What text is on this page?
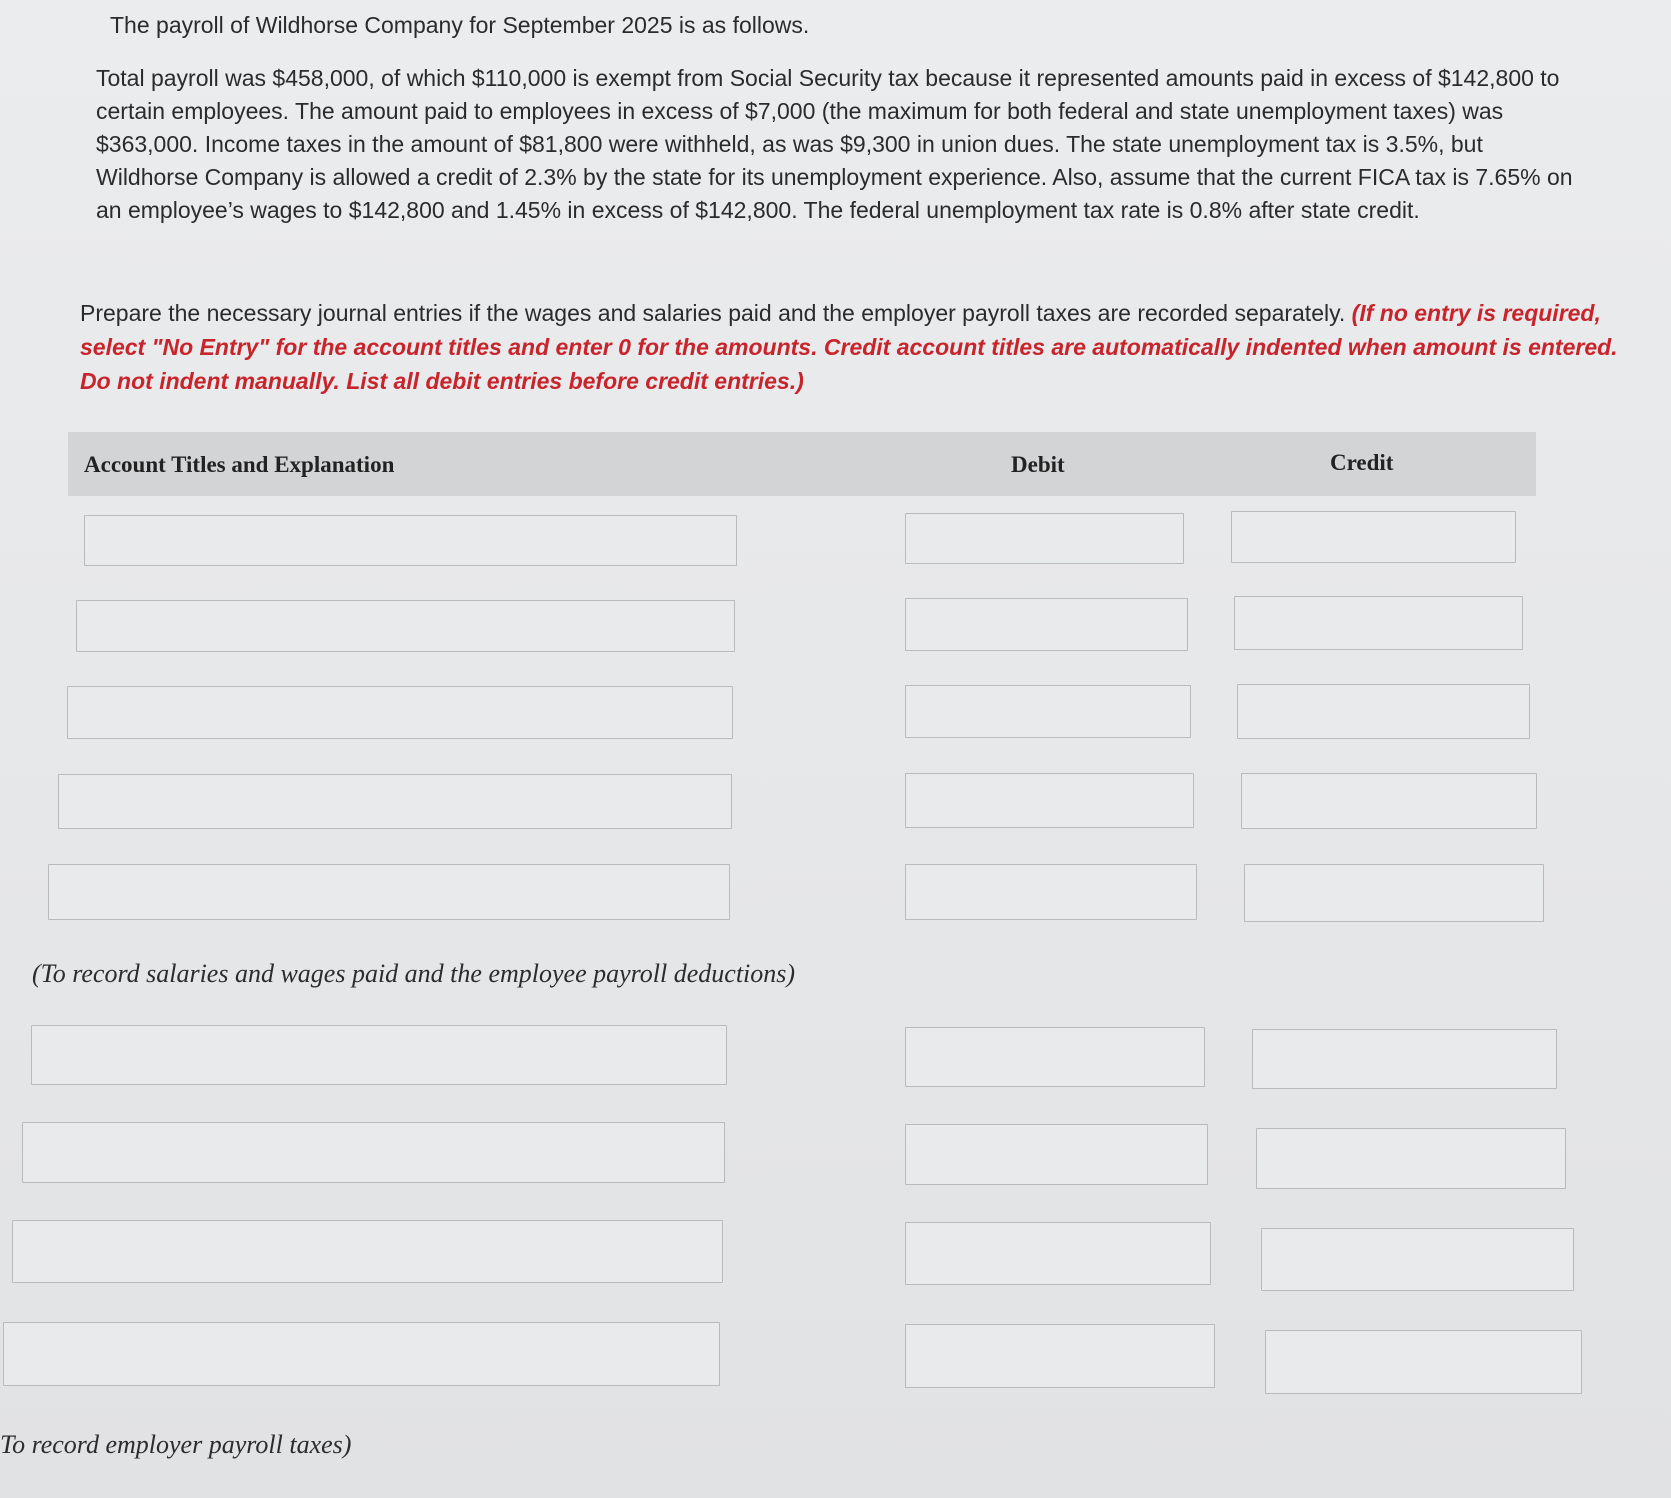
The payroll of Wildhorse Company for September 2025 is as follows.

Total payroll was $458,000, of which $110,000 is exempt from Social Security tax because it represented amounts paid in excess of $142,800 to certain employees. The amount paid to employees in excess of $7,000 (the maximum for both federal and state unemployment taxes) was $363,000. Income taxes in the amount of $81,800 were withheld, as was $9,300 in union dues. The state unemployment tax is 3.5%, but Wildhorse Company is allowed a credit of 2.3% by the state for its unemployment experience. Also, assume that the current FICA tax is 7.65% on an employee’s wages to $142,800 and 1.45% in excess of $142,800. The federal unemployment tax rate is 0.8% after state credit.

Prepare the necessary journal entries if the wages and salaries paid and the employer payroll taxes are recorded separately. (If no entry is required, select "No Entry" for the account titles and enter 0 for the amounts. Credit account titles are automatically indented when amount is entered. Do not indent manually. List all debit entries before credit entries.)

Account Titles and Explanation	Debit	Credit

(To record salaries and wages paid and the employee payroll deductions)

To record employer payroll taxes)
